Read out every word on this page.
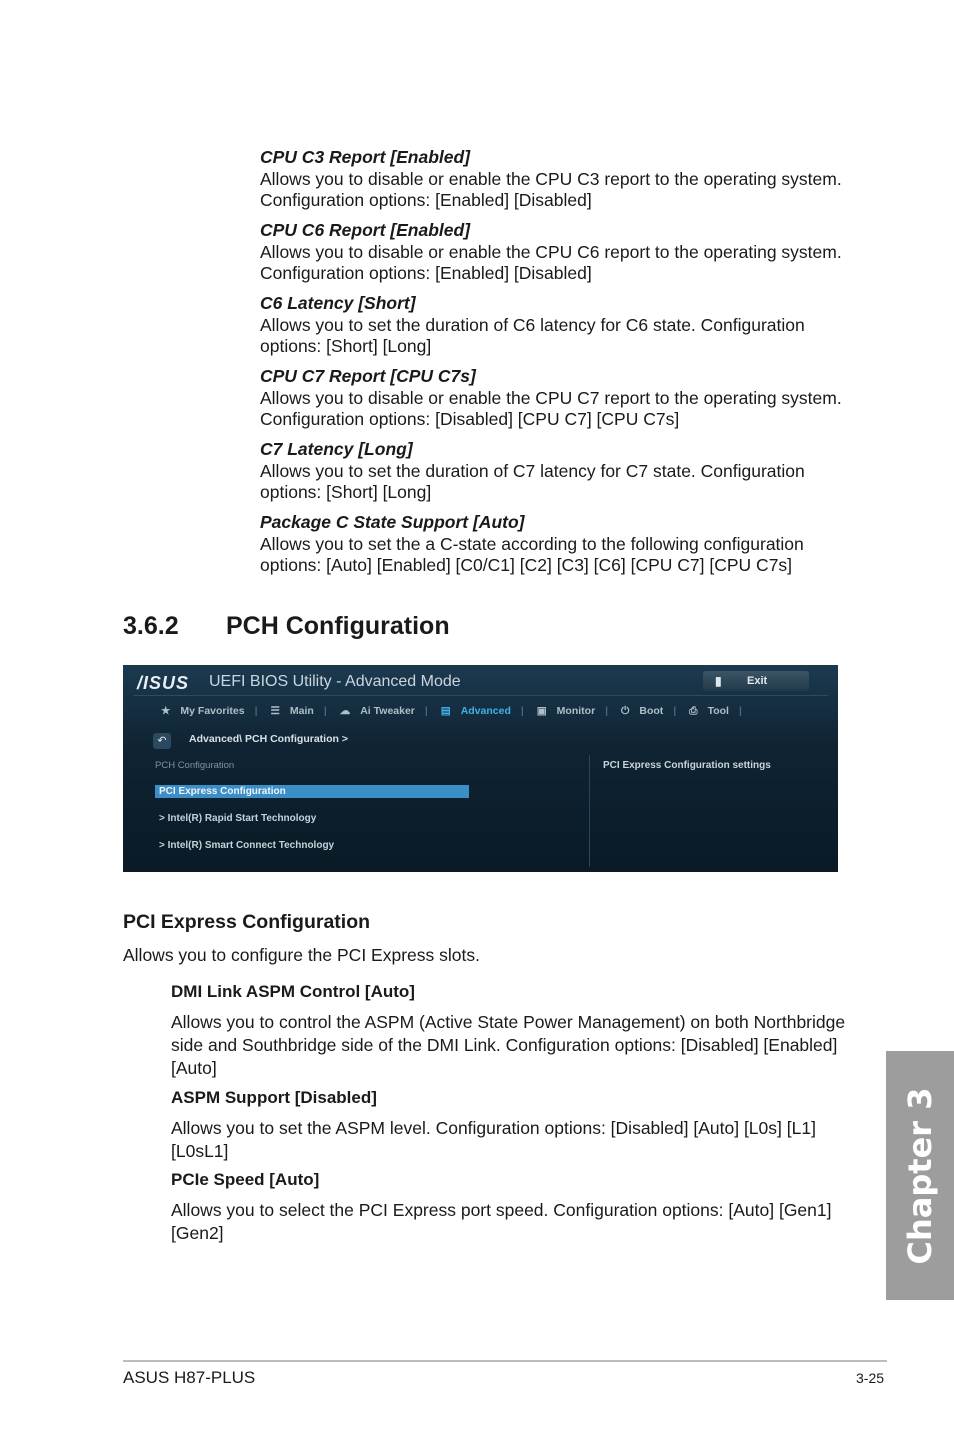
CPU C3 Report [Enabled]
Allows you to disable or enable the CPU C3 report to the operating system.
Configuration options: [Enabled] [Disabled]
CPU C6 Report [Enabled]
Allows you to disable or enable the CPU C6 report to the operating system.
Configuration options: [Enabled] [Disabled]
C6 Latency [Short]
Allows you to set the duration of C6 latency for C6 state. Configuration
options: [Short] [Long]
CPU C7 Report [CPU C7s]
Allows you to disable or enable the CPU C7 report to the operating system.
Configuration options: [Disabled] [CPU C7] [CPU C7s]
C7 Latency [Long]
Allows you to set the duration of C7 latency for C7 state. Configuration
options: [Short] [Long]
Package C State Support [Auto]
Allows you to set the a C-state according to the following configuration
options: [Auto] [Enabled] [C0/C1] [C2] [C3] [C6] [CPU C7] [CPU C7s]
3.6.2 PCH Configuration
/ISUS UEFI BIOS Utility - Advanced Mode	▮ Exit
★ My Favorites | ☰ Main | ☁ Ai Tweaker | ▤ Advanced | ▣ Monitor | ⏻ Boot | ⎙ Tool |
↶	Advanced\ PCH Configuration >
PCH Configuration	PCI Express Configuration settings
PCI Express Configuration
> Intel(R) Rapid Start Technology
> Intel(R) Smart Connect Technology
PCI Express Configuration
Allows you to configure the PCI Express slots.
DMI Link ASPM Control [Auto]
Allows you to control the ASPM (Active State Power Management) on both Northbridge
side and Southbridge side of the DMI Link. Configuration options: [Disabled] [Enabled]
[Auto]
ASPM Support [Disabled]
Allows you to set the ASPM level. Configuration options: [Disabled] [Auto] [L0s] [L1]
[L0sL1]
PCIe Speed [Auto]
Allows you to select the PCI Express port speed. Configuration options: [Auto] [Gen1]
[Gen2]	Chapter 3
ASUS H87-PLUS	3-25
